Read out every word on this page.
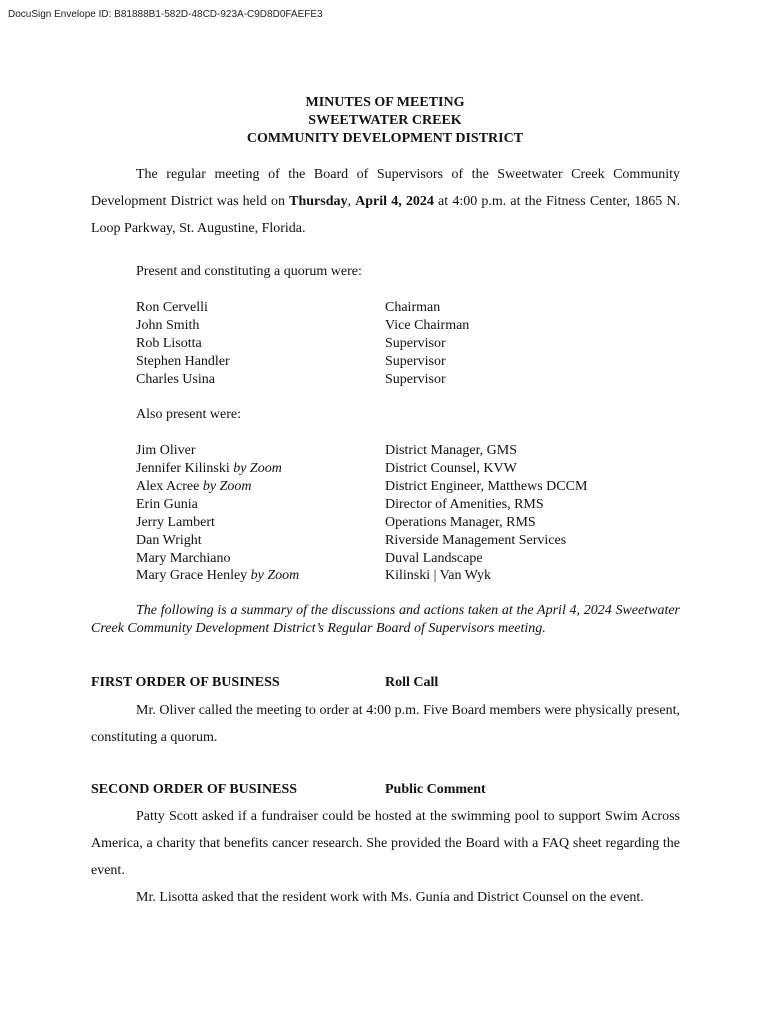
DocuSign Envelope ID: B81888B1-582D-48CD-923A-C9D8D0FAEFE3
MINUTES OF MEETING
SWEETWATER CREEK
COMMUNITY DEVELOPMENT DISTRICT
The regular meeting of the Board of Supervisors of the Sweetwater Creek Community Development District was held on Thursday, April 4, 2024 at 4:00 p.m. at the Fitness Center, 1865 N. Loop Parkway, St. Augustine, Florida.
Present and constituting a quorum were:
Ron Cervelli	Chairman
John Smith	Vice Chairman
Rob Lisotta	Supervisor
Stephen Handler	Supervisor
Charles Usina	Supervisor
Also present were:
Jim Oliver	District Manager, GMS
Jennifer Kilinski by Zoom	District Counsel, KVW
Alex Acree by Zoom	District Engineer, Matthews DCCM
Erin Gunia	Director of Amenities, RMS
Jerry Lambert	Operations Manager, RMS
Dan Wright	Riverside Management Services
Mary Marchiano	Duval Landscape
Mary Grace Henley by Zoom	Kilinski | Van Wyk
The following is a summary of the discussions and actions taken at the April 4, 2024 Sweetwater Creek Community Development District’s Regular Board of Supervisors meeting.
FIRST ORDER OF BUSINESS	Roll Call
Mr. Oliver called the meeting to order at 4:00 p.m. Five Board members were physically present, constituting a quorum.
SECOND ORDER OF BUSINESS	Public Comment
Patty Scott asked if a fundraiser could be hosted at the swimming pool to support Swim Across America, a charity that benefits cancer research. She provided the Board with a FAQ sheet regarding the event.
Mr. Lisotta asked that the resident work with Ms. Gunia and District Counsel on the event.
